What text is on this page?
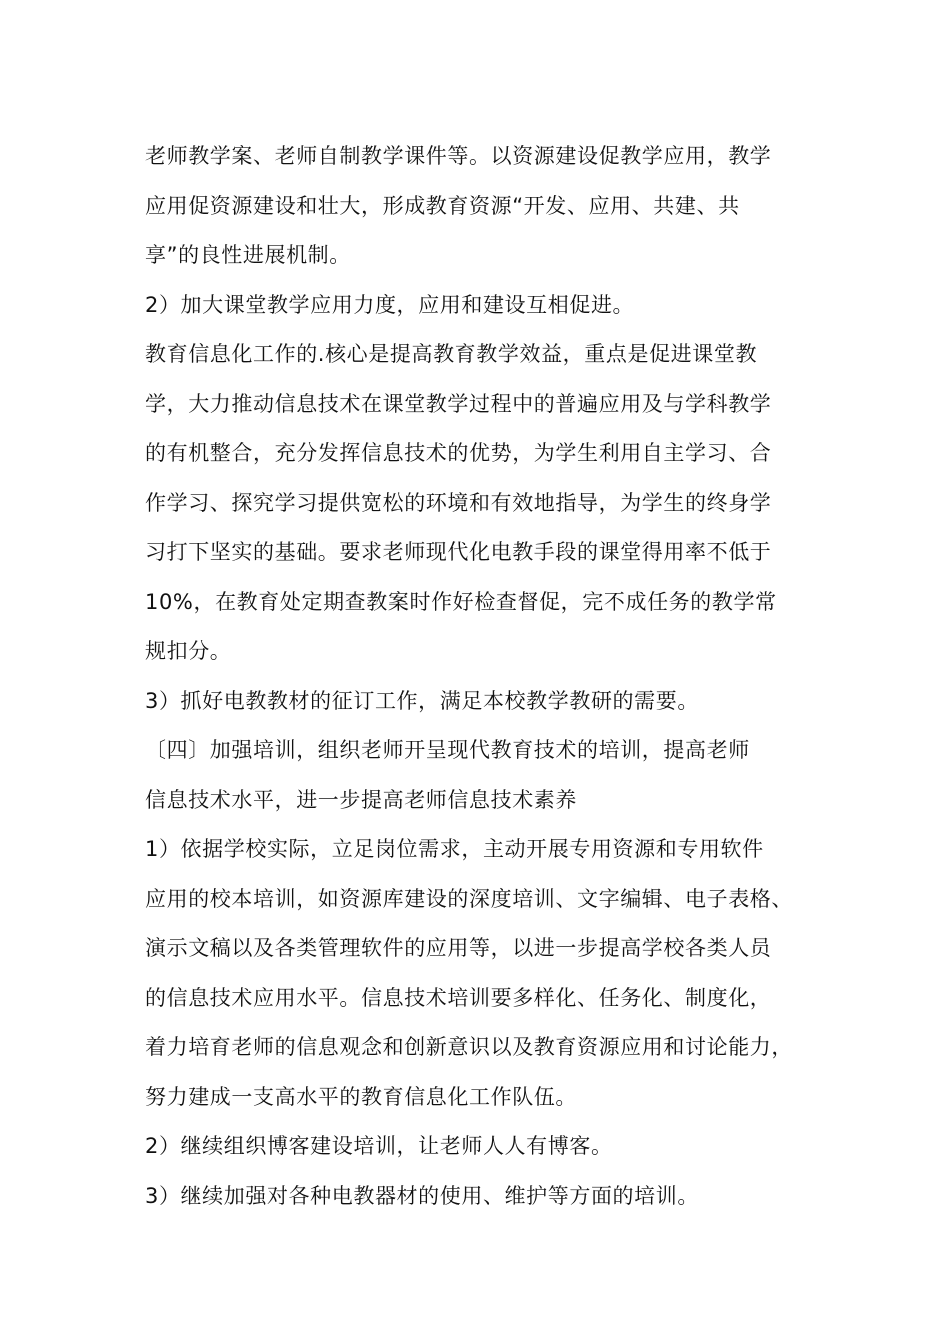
老师教学案、老师自制教学课件等。以资源建设促教学应用，教学
应用促资源建设和壮大，形成教育资源“开发、应用、共建、共
享”的良性进展机制。

2）加大课堂教学应用力度，应用和建设互相促进。

教育信息化工作的.核心是提高教育教学效益，重点是促进课堂教
学，大力推动信息技术在课堂教学过程中的普遍应用及与学科教学
的有机整合，充分发挥信息技术的优势，为学生利用自主学习、合
作学习、探究学习提供宽松的环境和有效地指导，为学生的终身学
习打下坚实的基础。要求老师现代化电教手段的课堂得用率不低于
10%，在教育处定期查教案时作好检查督促，完不成任务的教学常
规扣分。

3）抓好电教教材的征订工作，满足本校教学教研的需要。

〔四〕加强培训，组织老师开呈现代教育技术的培训，提高老师
信息技术水平，进一步提高老师信息技术素养

1）依据学校实际，立足岗位需求，主动开展专用资源和专用软件
应用的校本培训，如资源库建设的深度培训、文字编辑、电子表格、
演示文稿以及各类管理软件的应用等，以进一步提高学校各类人员
的信息技术应用水平。信息技术培训要多样化、任务化、制度化，
着力培育老师的信息观念和创新意识以及教育资源应用和讨论能力，
努力建成一支高水平的教育信息化工作队伍。

2）继续组织博客建设培训，让老师人人有博客。

3）继续加强对各种电教器材的使用、维护等方面的培训。
